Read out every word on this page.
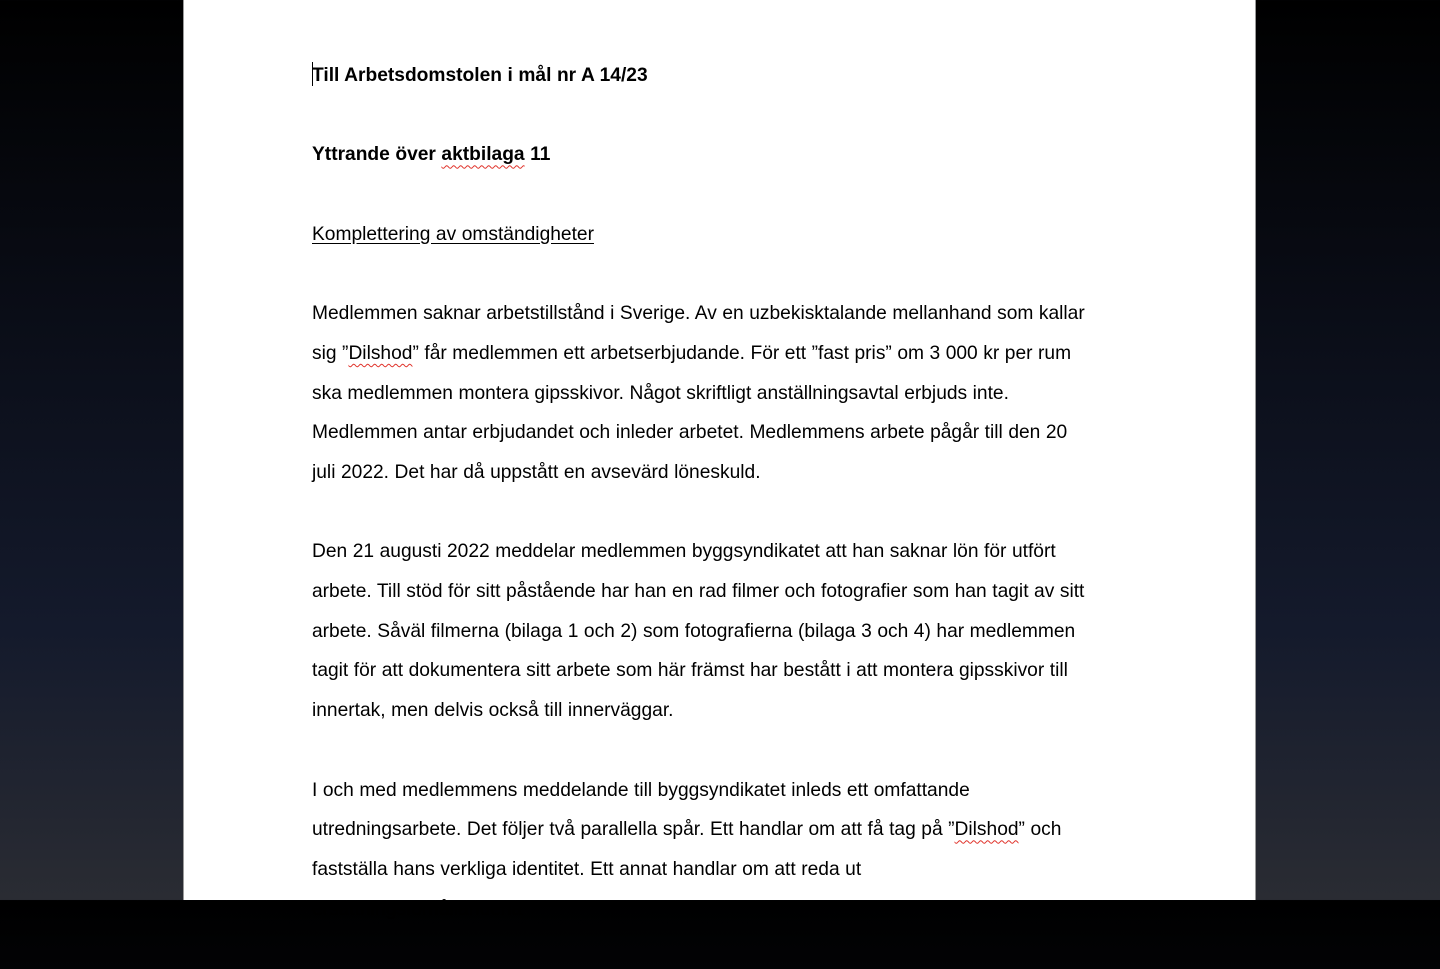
Till Arbetsdomstolen i mål nr A 14/23

Yttrande över aktbilaga 11

Komplettering av omständigheter

Medlemmen saknar arbetstillstånd i Sverige. Av en uzbekisktalande mellanhand som kallar
sig ”Dilshod” får medlemmen ett arbetserbjudande. För ett ”fast pris” om 3 000 kr per rum
ska medlemmen montera gipsskivor. Något skriftligt anställningsavtal erbjuds inte.
Medlemmen antar erbjudandet och inleder arbetet. Medlemmens arbete pågår till den 20
juli 2022. Det har då uppstått en avsevärd löneskuld.

Den 21 augusti 2022 meddelar medlemmen byggsyndikatet att han saknar lön för utfört
arbete. Till stöd för sitt påstående har han en rad filmer och fotografier som han tagit av sitt
arbete. Såväl filmerna (bilaga 1 och 2) som fotografierna (bilaga 3 och 4) har medlemmen
tagit för att dokumentera sitt arbete som här främst har bestått i att montera gipsskivor till
innertak, men delvis också till innerväggar.

I och med medlemmens meddelande till byggsyndikatet inleds ett omfattande
utredningsarbete. Det följer två parallella spår. Ett handlar om att få tag på ”Dilshod” och
fastställa hans verkliga identitet. Ett annat handlar om att reda ut
ersättningsförhållandena
